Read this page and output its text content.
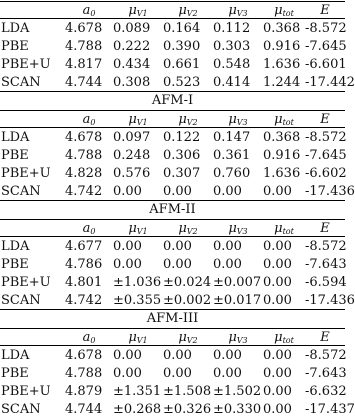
$a_0$	$\mu_{V1}$	$\mu_{V2}$	$\mu_{V3}$	$\mu_{tot}$	E
LDA	4.678 0.089 0.164 0.112 0.368 -8.572
PBE	4.788 0.222 0.390 0.303 0.916 -7.645
PBE+U	4.817 0.434 0.661 0.548 1.636 -6.601
SCAN	4.744 0.308 0.523 0.414 1.244 -17.442
AFM-I
$a_0$	$\mu_{V1}$	$\mu_{V2}$	$\mu_{V3}$	$\mu_{tot}$	E
LDA	4.678 0.097 0.122 0.147 0.368 -8.572
PBE	4.788 0.248 0.306 0.361 0.916 -7.645
PBE+U	4.828 0.576 0.307 0.760 1.636 -6.602
SCAN	4.742 0.00	0.00	0.00	0.00	-17.436
AFM-II
$a_0$	$\mu_{V1}$	$\mu_{V2}$	$\mu_{V3}$	$\mu_{tot}$	E
LDA	4.677 0.00	0.00	0.00	0.00	-8.572
PBE	4.786 0.00	0.00	0.00	0.00	-7.643
PBE+U	4.801 ±1.036 ±0.024 ±0.007 0.00	-6.594
SCAN	4.742 ±0.355 ±0.002 ±0.017 0.00	-17.436
AFM-III
$a_0$	$\mu_{V1}$	$\mu_{V2}$	$\mu_{V3}$	$\mu_{tot}$	E
LDA	4.678 0.00	0.00	0.00	0.00	-8.572
PBE	4.788 0.00	0.00	0.00	0.00	-7.643
PBE+U	4.879 ±1.351 ±1.508 ±1.502 0.00	-6.632
SCAN	4.744 ±0.268 ±0.326 ±0.330 0.00	-17.437
